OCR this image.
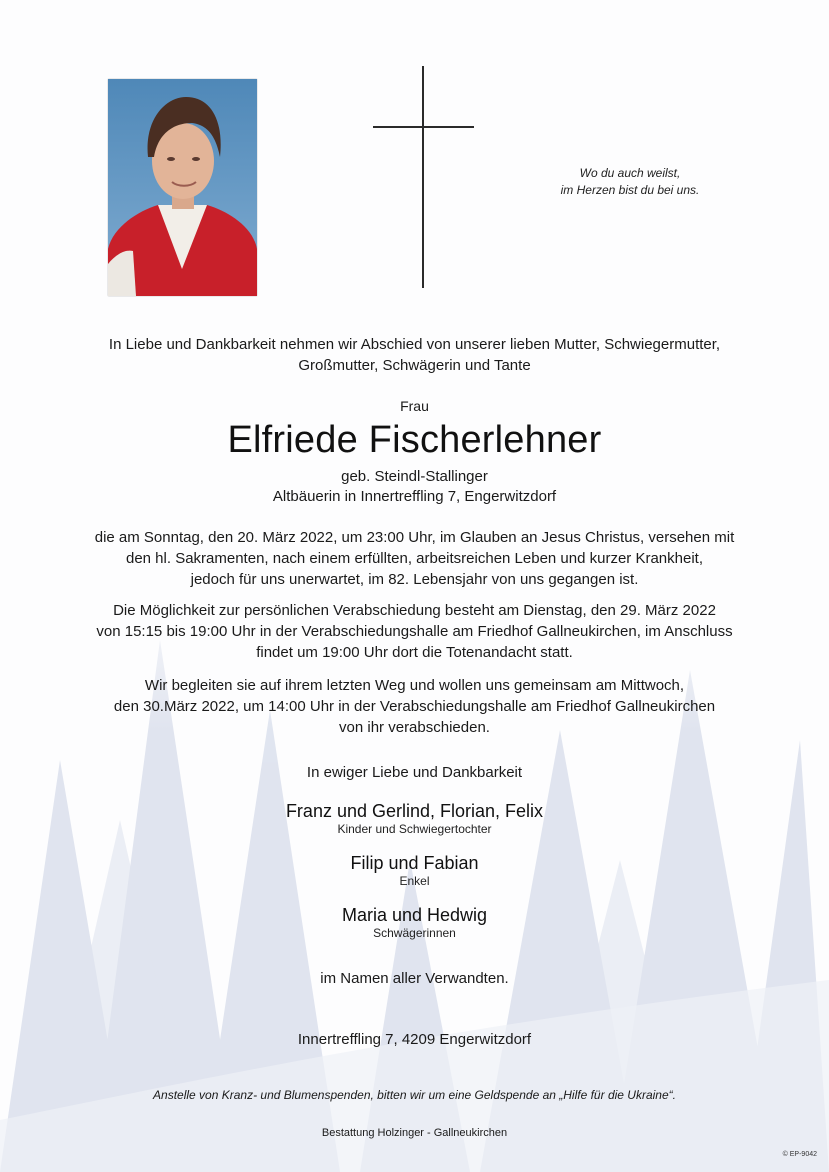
Wo du auch weilst,
im Herzen bist du bei uns.
In Liebe und Dankbarkeit nehmen wir Abschied von unserer lieben Mutter, Schwiegermutter,
Großmutter, Schwägerin und Tante
Frau
Elfriede Fischerlehner
geb. Steindl-Stallinger
Altbäuerin in Innertreffling 7, Engerwitzdorf
die am Sonntag, den 20. März 2022, um 23:00 Uhr, im Glauben an Jesus Christus, versehen mit
den hl. Sakramenten, nach einem erfüllten, arbeitsreichen Leben und kurzer Krankheit,
jedoch für uns unerwartet, im 82. Lebensjahr von uns gegangen ist.
Die Möglichkeit zur persönlichen Verabschiedung besteht am Dienstag, den 29. März 2022
von 15:15 bis 19:00 Uhr in der Verabschiedungshalle am Friedhof Gallneukirchen, im Anschluss
findet um 19:00 Uhr dort die Totenandacht statt.
Wir begleiten sie auf ihrem letzten Weg und wollen uns gemeinsam am Mittwoch,
den 30.März 2022, um 14:00 Uhr in der Verabschiedungshalle am Friedhof Gallneukirchen
von ihr verabschieden.
In ewiger Liebe und Dankbarkeit
Franz und Gerlind, Florian, Felix
Kinder und Schwiegertochter
Filip und Fabian
Enkel
Maria und Hedwig
Schwägerinnen
im Namen aller Verwandten.
Innertreffling 7, 4209 Engerwitzdorf
Anstelle von Kranz- und Blumenspenden, bitten wir um eine Geldspende an „Hilfe für die Ukraine“.
Bestattung Holzinger - Gallneukirchen
© EP-9042
